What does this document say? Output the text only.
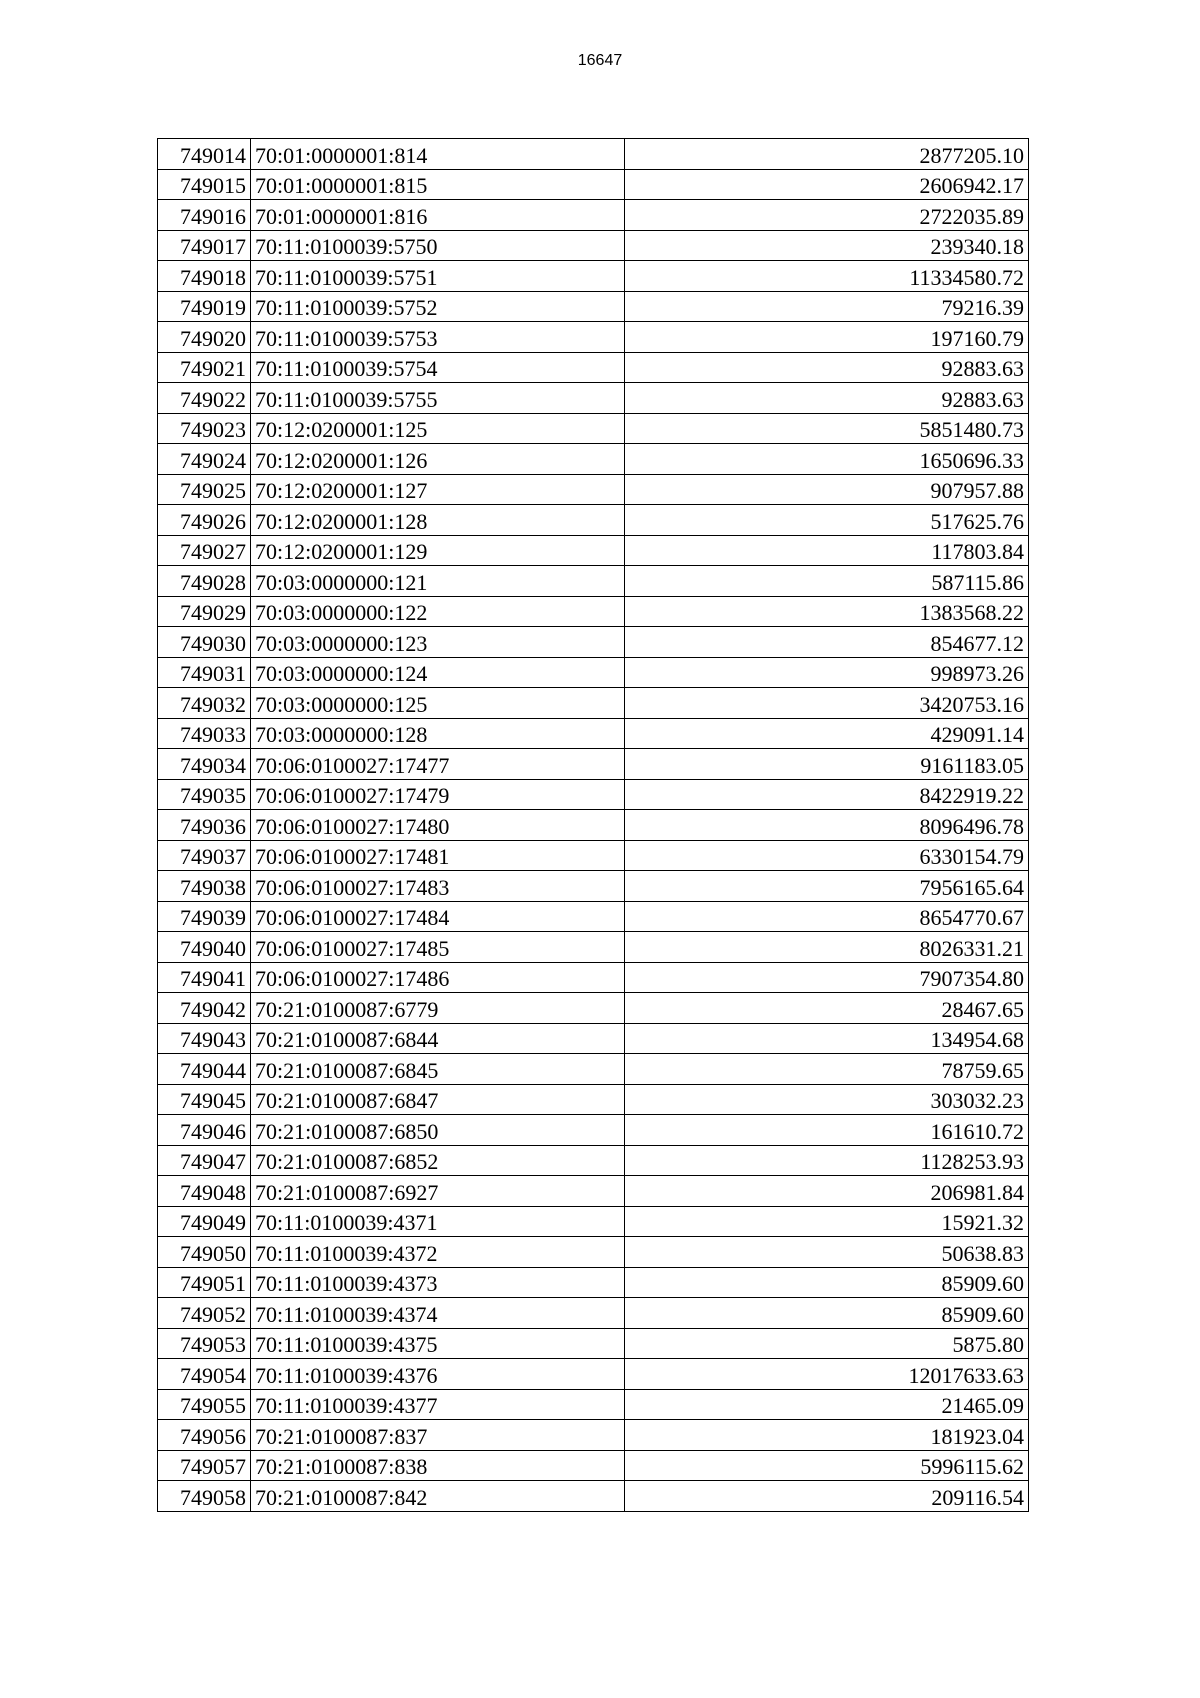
16647
749014	70:01:0000001:814	2877205.10
749015	70:01:0000001:815	2606942.17
749016	70:01:0000001:816	2722035.89
749017	70:11:0100039:5750	239340.18
749018	70:11:0100039:5751	11334580.72
749019	70:11:0100039:5752	79216.39
749020	70:11:0100039:5753	197160.79
749021	70:11:0100039:5754	92883.63
749022	70:11:0100039:5755	92883.63
749023	70:12:0200001:125	5851480.73
749024	70:12:0200001:126	1650696.33
749025	70:12:0200001:127	907957.88
749026	70:12:0200001:128	517625.76
749027	70:12:0200001:129	117803.84
749028	70:03:0000000:121	587115.86
749029	70:03:0000000:122	1383568.22
749030	70:03:0000000:123	854677.12
749031	70:03:0000000:124	998973.26
749032	70:03:0000000:125	3420753.16
749033	70:03:0000000:128	429091.14
749034	70:06:0100027:17477	9161183.05
749035	70:06:0100027:17479	8422919.22
749036	70:06:0100027:17480	8096496.78
749037	70:06:0100027:17481	6330154.79
749038	70:06:0100027:17483	7956165.64
749039	70:06:0100027:17484	8654770.67
749040	70:06:0100027:17485	8026331.21
749041	70:06:0100027:17486	7907354.80
749042	70:21:0100087:6779	28467.65
749043	70:21:0100087:6844	134954.68
749044	70:21:0100087:6845	78759.65
749045	70:21:0100087:6847	303032.23
749046	70:21:0100087:6850	161610.72
749047	70:21:0100087:6852	1128253.93
749048	70:21:0100087:6927	206981.84
749049	70:11:0100039:4371	15921.32
749050	70:11:0100039:4372	50638.83
749051	70:11:0100039:4373	85909.60
749052	70:11:0100039:4374	85909.60
749053	70:11:0100039:4375	5875.80
749054	70:11:0100039:4376	12017633.63
749055	70:11:0100039:4377	21465.09
749056	70:21:0100087:837	181923.04
749057	70:21:0100087:838	5996115.62
749058	70:21:0100087:842	209116.54
